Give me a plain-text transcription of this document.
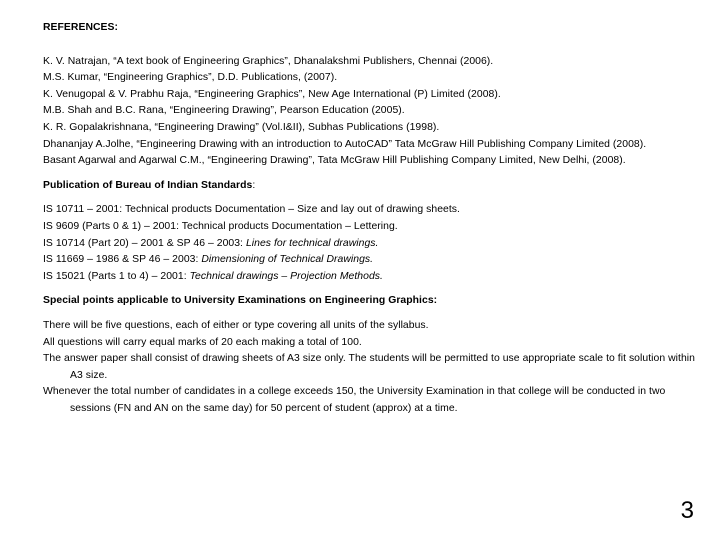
REFERENCES:
K. V. Natrajan, “A text book of Engineering Graphics”, Dhanalakshmi Publishers, Chennai (2006).
M.S. Kumar, “Engineering Graphics”, D.D. Publications, (2007).
K. Venugopal & V. Prabhu Raja, “Engineering Graphics”, New Age International (P) Limited (2008).
M.B. Shah and B.C. Rana, “Engineering Drawing”, Pearson Education (2005).
K. R. Gopalakrishnana, “Engineering Drawing” (Vol.I&II), Subhas Publications (1998).
Dhananjay A.Jolhe, “Engineering Drawing with an introduction to AutoCAD” Tata McGraw Hill Publishing Company Limited (2008).
Basant Agarwal and Agarwal C.M., “Engineering Drawing”, Tata McGraw Hill Publishing Company Limited, New Delhi, (2008).
Publication of Bureau of Indian Standards:
IS 10711 – 2001: Technical products Documentation – Size and lay out of drawing sheets.
IS 9609 (Parts 0 & 1) – 2001: Technical products Documentation – Lettering.
IS 10714 (Part 20) – 2001 & SP 46 – 2003: Lines for technical drawings.
IS 11669 – 1986 & SP 46 – 2003: Dimensioning of Technical Drawings.
IS 15021 (Parts 1 to 4) – 2001: Technical drawings – Projection Methods.
Special points applicable to University Examinations on Engineering Graphics:
There will be five questions, each of either or type covering all units of the syllabus.
All questions will carry equal marks of 20 each making a total of 100.
The answer paper shall consist of drawing sheets of A3 size only. The students will be permitted to use appropriate scale to fit solution within A3 size.
Whenever the total number of candidates in a college exceeds 150, the University Examination in that college will be conducted in two sessions (FN and AN on the same day) for 50 percent of student (approx) at a time.
3
